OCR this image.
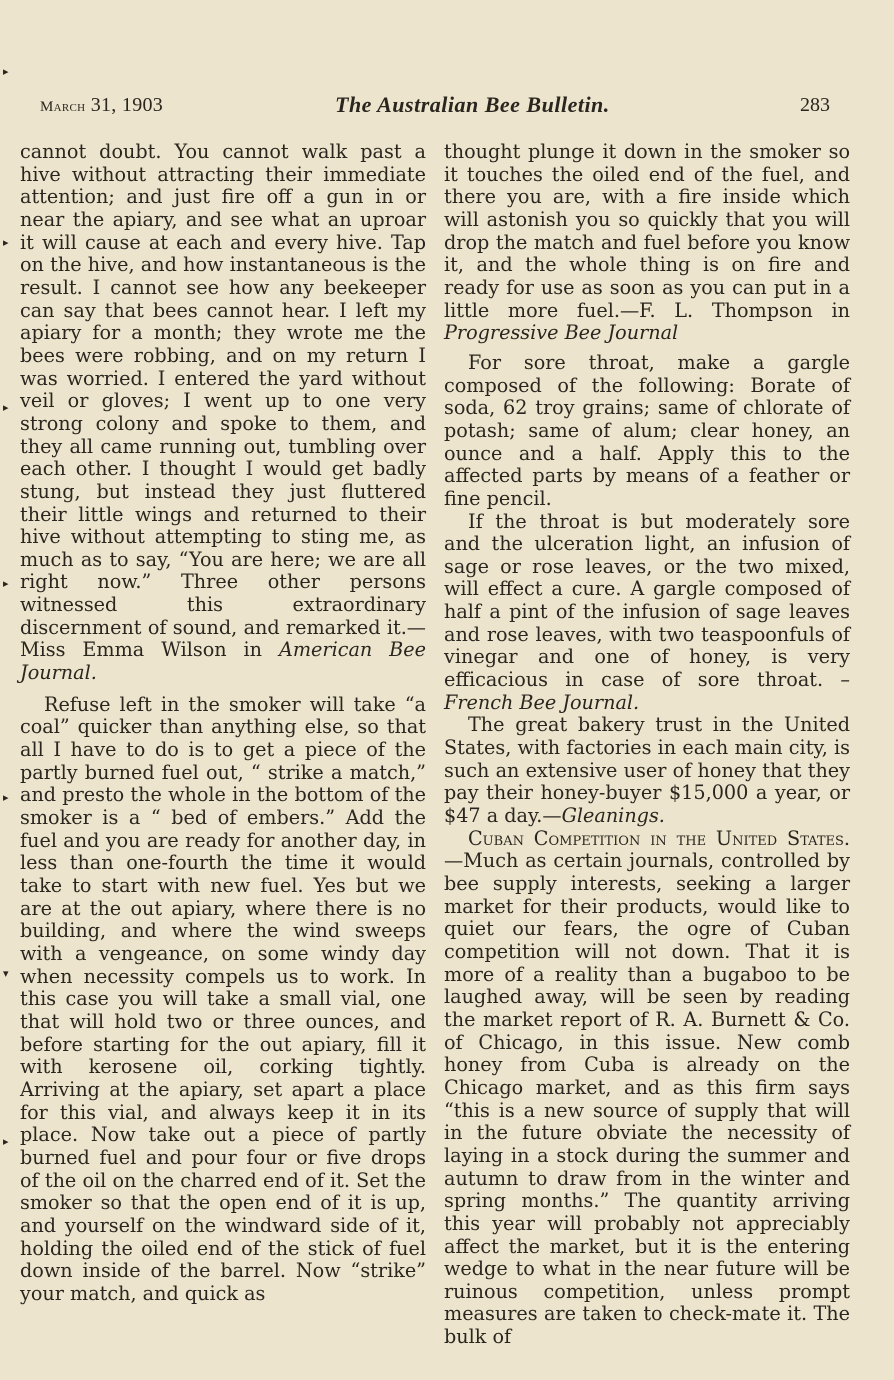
▸
▸
▸
▸
▸
▾
▸
March 31, 1903	The Australian Bee Bulletin.	283

cannot doubt. You cannot walk past a hive without attracting their immediate attention; and just fire off a gun in or near the apiary, and see what an uproar it will cause at each and every hive. Tap on the hive, and how instantaneous is the result. I cannot see how any beekeeper can say that bees cannot hear. I left my apiary for a month; they wrote me the bees were robbing, and on my return I was worried. I entered the yard without veil or gloves; I went up to one very strong colony and spoke to them, and they all came running out, tumbling over each other. I thought I would get badly stung, but instead they just fluttered their little wings and returned to their hive without attempting to sting me, as much as to say, “You are here; we are all right now.” Three other persons witnessed this extraordinary discernment of sound, and remarked it.—Miss Emma Wilson in American Bee Journal.

Refuse left in the smoker will take “a coal” quicker than anything else, so that all I have to do is to get a piece of the partly burned fuel out, “ strike a match,” and presto the whole in the bottom of the smoker is a “ bed of embers.” Add the fuel and you are ready for another day, in less than one-fourth the time it would take to start with new fuel. Yes but we are at the out apiary, where there is no building, and where the wind sweeps with a vengeance, on some windy day when necessity compels us to work. In this case you will take a small vial, one that will hold two or three ounces, and before starting for the out apiary, fill it with kerosene oil, corking tightly. Arriving at the apiary, set apart a place for this vial, and always keep it in its place. Now take out a piece of partly burned fuel and pour four or five drops of the oil on the charred end of it. Set the smoker so that the open end of it is up, and yourself on the windward side of it, holding the oiled end of the stick of fuel down inside of the barrel. Now “strike” your match, and quick as

thought plunge it down in the smoker so it touches the oiled end of the fuel, and there you are, with a fire inside which will astonish you so quickly that you will drop the match and fuel before you know it, and the whole thing is on fire and ready for use as soon as you can put in a little more fuel.—F. L. Thompson in Progressive Bee Journal

For sore throat, make a gargle composed of the following: Borate of soda, 62 troy grains; same of chlorate of potash; same of alum; clear honey, an ounce and a half. Apply this to the affected parts by means of a feather or fine pencil.

If the throat is but moderately sore and the ulceration light, an infusion of sage or rose leaves, or the two mixed, will effect a cure. A gargle composed of half a pint of the infusion of sage leaves and rose leaves, with two teaspoonfuls of vinegar and one of honey, is very efficacious in case of sore throat. – French Bee Journal.

The great bakery trust in the United States, with factories in each main city, is such an extensive user of honey that they pay their honey-buyer $15,000 a year, or $47 a day.—Gleanings.

Cuban Competition in the United States.—Much as certain journals, controlled by bee supply interests, seeking a larger market for their products, would like to quiet our fears, the ogre of Cuban competition will not down. That it is more of a reality than a bugaboo to be laughed away, will be seen by reading the market report of R. A. Burnett & Co. of Chicago, in this issue. New comb honey from Cuba is already on the Chicago market, and as this firm says “this is a new source of supply that will in the future obviate the necessity of laying in a stock during the summer and autumn to draw from in the winter and spring months.” The quantity arriving this year will probably not appreciably affect the market, but it is the entering wedge to what in the near future will be ruinous competition, unless prompt measures are taken to check-mate it. The bulk of
